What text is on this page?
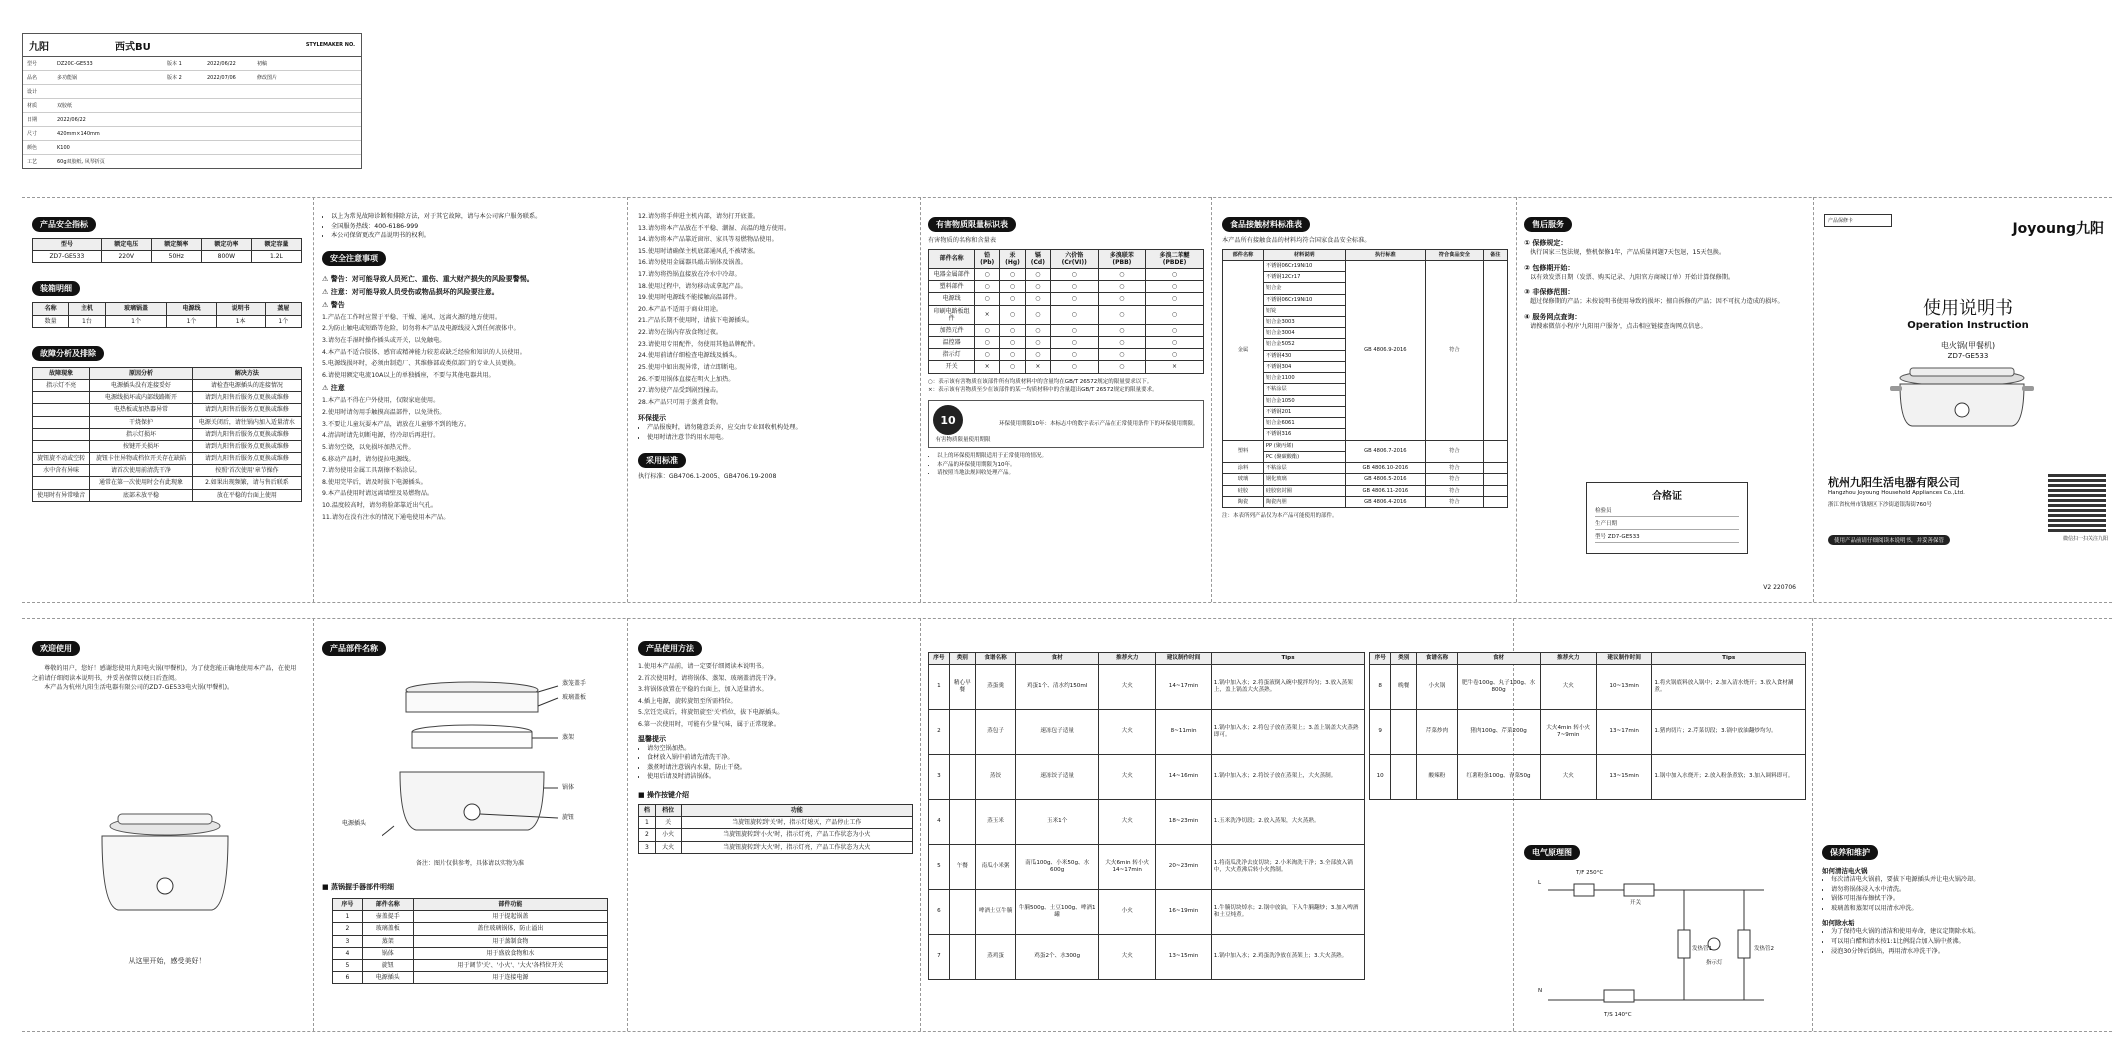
九阳	西式BU	STYLEMAKER NO.
型号	DZ20C-GE533	版本 1	2022/06/22	初稿
品名	多功能锅	版本 2	2022/07/06	修改图片
设计
材质	双胶纸
日期	2022/06/22
尺寸	420mm×140mm
颜色	K100
工艺	60g双胶纸, 风琴折页
产品安全指标
型号	额定电压	额定频率	额定功率	额定容量
ZD7-GE533	220V	50Hz	800W	1.2L
装箱明细
名称	主机	玻璃锅盖	电源线	说明书	蒸屉
数量	1台	1个	1个	1本	1个
故障分析及排除
故障现象	原因分析	解决方法
指示灯不亮	电源插头没有连接妥好	请检查电源插头的连接情况
	电源线损坏或内部线路断开	请到九阳售后服务点更换或维修
	电热板或加热器异常	请到九阳售后服务点更换或维修
	干烧保护	电源关闭后，请往锅内加入适量清水
	指示灯损坏	请到九阳售后服务点更换或维修
	按键开关损坏	请到九阳售后服务点更换或维修
旋钮旋不动或空转	旋钮卡住异物或档位开关存在缺陷	请到九阳售后服务点更换或维修
水中含有异味	请首次使用前清洗干净	按照'首次使用'章节操作
	通常在第一次使用时会有此现象	2.如果出现频繁，请与售后联系
使用时有异常噪音	底部未放平稳	放在平稳的台面上使用
• 以上为常见故障诊断和排除方法，对于其它故障，请与本公司客户服务联系。
• 全国服务热线：400-6186-999
• 本公司保留更改产品说明书的权利。
安全注意事项
⚠ 警告：对可能导致人员死亡、重伤、重大财产损失的风险要警惕。
⚠ 注意：对可能导致人员受伤或物品损坏的风险要注意。
⚠ 警告

1.产品在工作时应置于平稳、干燥、通风、远离火源的地方使用。

2.为防止触电或短路等危险，切勿将本产品及电源线浸入到任何液体中。

3.请勿在手湿时操作插头或开关，以免触电。

4.本产品不适合肢体、感官或精神能力较差或缺乏经验和知识的人员使用。

5.电源线损坏时，必须由制造厂、其维修部或类似部门的专业人员更换。

6.请使用额定电流10A以上的单独插座，不要与其他电器共用。

⚠ 注意

1.本产品不得在户外使用，仅限家庭使用。

2.使用时请勿用手触摸高温部件，以免烫伤。

3.不要让儿童玩耍本产品，请放在儿童够不到的地方。

4.清洁时请先切断电源，待冷却后再进行。

5.请勿空烧，以免损坏加热元件。

6.移动产品时，请勿提拉电源线。

7.请勿使用金属工具刮擦不粘涂层。

8.使用完毕后，请及时拔下电源插头。

9.本产品使用时请远离墙壁及易燃物品。

10.温度较高时，请勿将脸部靠近出气孔。

11.请勿在没有注水的情况下通电使用本产品。

12.请勿将手伸进主机内部，请勿打开底盖。

13.请勿将本产品放在不平稳、潮湿、高温的地方使用。

14.请勿将本产品靠近窗帘、家具等易燃物品使用。

15.使用时请确保主机底部通风孔不被堵塞。

16.请勿使用金属器具敲击锅体及锅盖。

17.请勿将热锅直接放在冷水中冷却。

18.使用过程中，请勿移动或拿起产品。

19.使用时电源线不能接触高温部件。

20.本产品不适用于商业用途。

21.产品长期不使用时，请拔下电源插头。

22.请勿在锅内存放食物过夜。

23.请使用专用配件，勿使用其他品牌配件。

24.使用前请仔细检查电源线及插头。

25.使用中如出现异常，请立即断电。

26.不要用锅体直接在明火上加热。

27.请勿使产品受到剧烈撞击。

28.本产品只可用于蒸煮食物。

环保提示
• 产品报废时，请勿随意丢弃，应交由专业回收机构处理。
• 使用时请注意节约用水用电。
采用标准
执行标准：GB4706.1-2005、GB4706.19-2008
有害物质限量标识表
有害物质的名称和含量表
部件名称	铅(Pb)	汞(Hg)	镉(Cd)	六价铬(Cr(VI))	多溴联苯(PBB)	多溴二苯醚(PBDE)
电器金属部件	○	○	○	○	○	○
塑料部件	○	○	○	○	○	○
电源线	○	○	○	○	○	○
印刷电路板组件	×	○	○	○	○	○
加热元件	○	○	○	○	○	○
温控器	○	○	○	○	○	○
指示灯	○	○	○	○	○	○
开关	×	○	×	○	○	×
○：表示该有害物质在该部件所有均质材料中的含量均在GB/T 26572规定的限量要求以下。
×：表示该有害物质至少在该部件的某一均质材料中的含量超出GB/T 26572规定的限量要求。
10
有害物质限量使用期限
环保使用期限10年：本标志中的数字表示产品在正常使用条件下的环保使用期限。
• 以上的环保使用期限适用于正常使用的情况。
• 本产品的环保使用期限为10年。
• 请按照当地法规回收处理产品。
食品接触材料标准表
本产品所有接触食品的材料均符合国家食品安全标准。
部件名称	材料说明	执行标准	符合食品安全	备注
金属	不锈钢06Cr19Ni10	GB 4806.9-2016	符合	
	不锈钢12Cr17			
	铝合金			
	不锈钢06Cr19Ni10			
	铝锭			
	铝合金3003			
	铝合金3004			
	铝合金5052			
	不锈钢430			
	不锈钢304			
	铝合金1100			
	不粘涂层			
	铝合金1050			
	不锈钢201			
	铝合金6061			
	不锈钢316			
塑料	PP (聚丙烯)	GB 4806.7-2016	符合	
	PC (聚碳酸酯)			
涂料	不粘涂层	GB 4806.10-2016	符合	
玻璃	钢化玻璃	GB 4806.5-2016	符合	
硅胶	硅胶密封圈	GB 4806.11-2016	符合	
陶瓷	陶瓷内胆	GB 4806.4-2016	符合	
注：本表所列产品仅为本产品可能使用的部件。
售后服务
① 保修规定：
执行国家三包法规，整机保修1年，产品质量问题7天包退，15天包换。
② 包修期开始：
以有效发票日期（发票、购买记录、九阳官方商城订单）开始计算保修期。
③ 非保修范围：
超过保修期的产品；未按说明书使用导致的损坏；擅自拆修的产品；因不可抗力造成的损坏。
④ 服务网点查询：
请搜索微信小程序'九阳用户服务'，点击相应链接查询网点信息。
合格证
检验员
生产日期
型号 ZD7-GE533
V2 220706
产品保修卡	Joyoung九阳
使用说明书
Operation Instruction
电火锅(甲餐机)
ZD7-GE533
杭州九阳生活电器有限公司
Hangzhou Joyoung Household Appliances Co.,Ltd.
浙江省杭州市钱塘区下沙街道银海街760号
微信扫一扫关注九阳
使用产品前请仔细阅读本说明书，并妥善保管
欢迎使用
尊敬的用户，您好！感谢您使用九阳电火锅(甲餐机)，为了使您能正确地使用本产品，在使用之前请仔细阅读本说明书，并妥善保管以便日后查阅。
本产品为杭州九阳生活电器有限公司的ZD7-GE533电火锅(甲餐机)。
从这里开始，感受美好！
产品部件名称
蒸笼盖手
玻璃盖板
蒸架
锅体
电源插头
旋钮
备注：图片仅供参考，具体请以实物为准
■ 蒸锅握手器部件明细
序号	部件名称	部件功能
1	壶盖提手	用于提起锅盖
2	玻璃盖板	盖住玻璃锅体，防止溢出
3	蒸架	用于蒸制食物
4	锅体	用于盛放食物和水
5	旋钮	用于调节'关'、'小火'、'大火'各档位开关
6	电源插头	用于连接电源
产品使用方法

1.使用本产品前，请一定要仔细阅读本说明书。

2.首次使用时，请将锅体、蒸架、玻璃盖清洗干净。

3.将锅体放置在平稳的台面上，加入适量清水。

4.插上电源，旋转旋钮至所需档位。

5.烹饪完成后，将旋钮旋至'关'档位，拔下电源插头。

6.第一次使用时，可能有少量气味，属于正常现象。

温馨提示
• 请勿空锅加热。
• 食材放入锅中前请先清洗干净。
• 蒸煮时请注意锅内水量，防止干烧。
• 使用后请及时清洁锅体。
■ 操作按键介绍
档	档位	功能
1	关	当旋钮旋转到'关'时，指示灯熄灭，产品停止工作
2	小火	当旋钮旋转到'小火'时，指示灯亮，产品工作状态为小火
3	大火	当旋钮旋转到'大火'时，指示灯亮，产品工作状态为大火
序号	类别	食谱名称	食材	推荐火力	建议制作时间	Tips		序号	类别	食谱名称	食材	推荐火力	建议制作时间	Tips
1	精心早餐	蒸蛋羹	鸡蛋1个、清水约150ml	大火	14~17min	1.锅中加入水；2.将蛋液倒入碗中搅拌均匀；3.放入蒸架上，盖上锅盖大火蒸熟。		8	晚餐	小火锅	肥牛卷100g、丸子100g、水800g	大火	10~13min	1.将火锅底料放入锅中；2.加入清水烧开；3.放入食材涮煮。
2		蒸包子	速冻包子适量	大火	8~11min	1.锅中加入水；2.将包子放在蒸架上；3.盖上锅盖大火蒸熟即可。		9		芹菜炒肉	猪肉100g、芹菜200g	大火4min 转小火7~9min	13~17min	1.猪肉切片；2.芹菜切段；3.锅中放油翻炒均匀。
3		蒸饺	速冻饺子适量	大火	14~16min	1.锅中加入水；2.将饺子放在蒸架上，大火蒸制。		10		酸辣粉	红薯粉条100g、青菜50g	大火	13~15min	1.锅中加入水烧开；2.放入粉条煮软；3.加入调料即可。
4		蒸玉米	玉米1个	大火	18~23min	1.玉米洗净切段；2.放入蒸架，大火蒸熟。								
5	午餐	南瓜小米粥	南瓜100g、小米50g、水600g	大火6min 转小火14~17min	20~23min	1.将南瓜洗净去皮切块；2.小米淘洗干净；3.全部放入锅中，大火煮沸后转小火熬制。								
6		啤酒土豆牛腩	牛腩500g、土豆100g、啤酒1罐	小火	16~19min	1.牛腩切块焯水；2.锅中放油，下入牛腩翻炒；3.加入啤酒和土豆炖煮。								
7		蒸鸡蛋	鸡蛋2个、水300g	大火	13~15min	1.锅中加入水；2.鸡蛋洗净放在蒸架上；3.大火蒸熟。								
电气原理图
T/F 250°C
T/S 140°C
开关
发热管1	发热管2
L
N
指示灯
保养和维护
如何清洁电火锅
• 每次清洁电火锅前，要拔下电源插头并让电火锅冷却。
• 请勿将锅体浸入水中清洗。
• 锅体可用湿布擦拭干净。
• 玻璃盖和蒸架可以用清水冲洗。
如何除水垢
• 为了保持电火锅的清洁和使用寿命，建议定期除水垢。
• 可以用白醋和清水按1:1比例混合加入锅中煮沸。
• 浸泡30分钟后倒出，再用清水冲洗干净。
